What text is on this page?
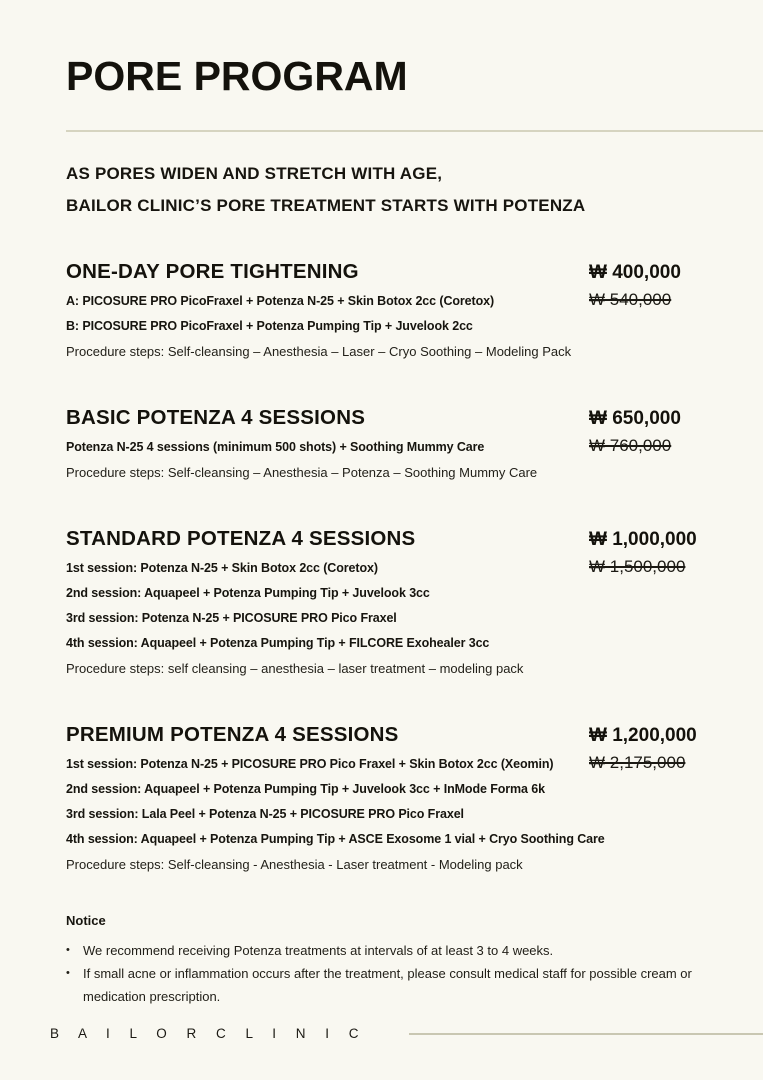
PORE PROGRAM
AS PORES WIDEN AND STRETCH WITH AGE,
BAILOR CLINIC’S PORE TREATMENT STARTS WITH POTENZA
₩ 400,000
₩ 540,000
ONE-DAY PORE TIGHTENING
A: PICOSURE PRO PicoFraxel + Potenza N-25 + Skin Botox 2cc (Coretox)
B: PICOSURE PRO PicoFraxel + Potenza Pumping Tip + Juvelook 2cc
Procedure steps: Self-cleansing – Anesthesia – Laser – Cryo Soothing – Modeling Pack
₩ 650,000
₩ 760,000
BASIC POTENZA 4 SESSIONS
Potenza N-25 4 sessions (minimum 500 shots) + Soothing Mummy Care
Procedure steps: Self-cleansing – Anesthesia – Potenza – Soothing Mummy Care
₩ 1,000,000
₩ 1,500,000
STANDARD POTENZA 4 SESSIONS
1st session: Potenza N-25 + Skin Botox 2cc (Coretox)
2nd session: Aquapeel + Potenza Pumping Tip + Juvelook 3cc
3rd session: Potenza N-25 + PICOSURE PRO Pico Fraxel
4th session: Aquapeel + Potenza Pumping Tip + FILCORE Exohealer 3cc
Procedure steps: self cleansing – anesthesia – laser treatment – modeling pack
₩ 1,200,000
₩ 2,175,000
PREMIUM POTENZA 4 SESSIONS
1st session: Potenza N-25 + PICOSURE PRO Pico Fraxel + Skin Botox 2cc (Xeomin)
2nd session: Aquapeel + Potenza Pumping Tip + Juvelook 3cc + InMode Forma 6k
3rd session: Lala Peel + Potenza N-25 + PICOSURE PRO Pico Fraxel
4th session: Aquapeel + Potenza Pumping Tip + ASCE Exosome 1 vial + Cryo Soothing Care
Procedure steps: Self-cleansing - Anesthesia - Laser treatment - Modeling pack
Notice
•	We recommend receiving Potenza treatments at intervals of at least 3 to 4 weeks.
•	If small acne or inflammation occurs after the treatment, please consult medical staff for possible cream or medication prescription.
B A I L O R C L I N I C
